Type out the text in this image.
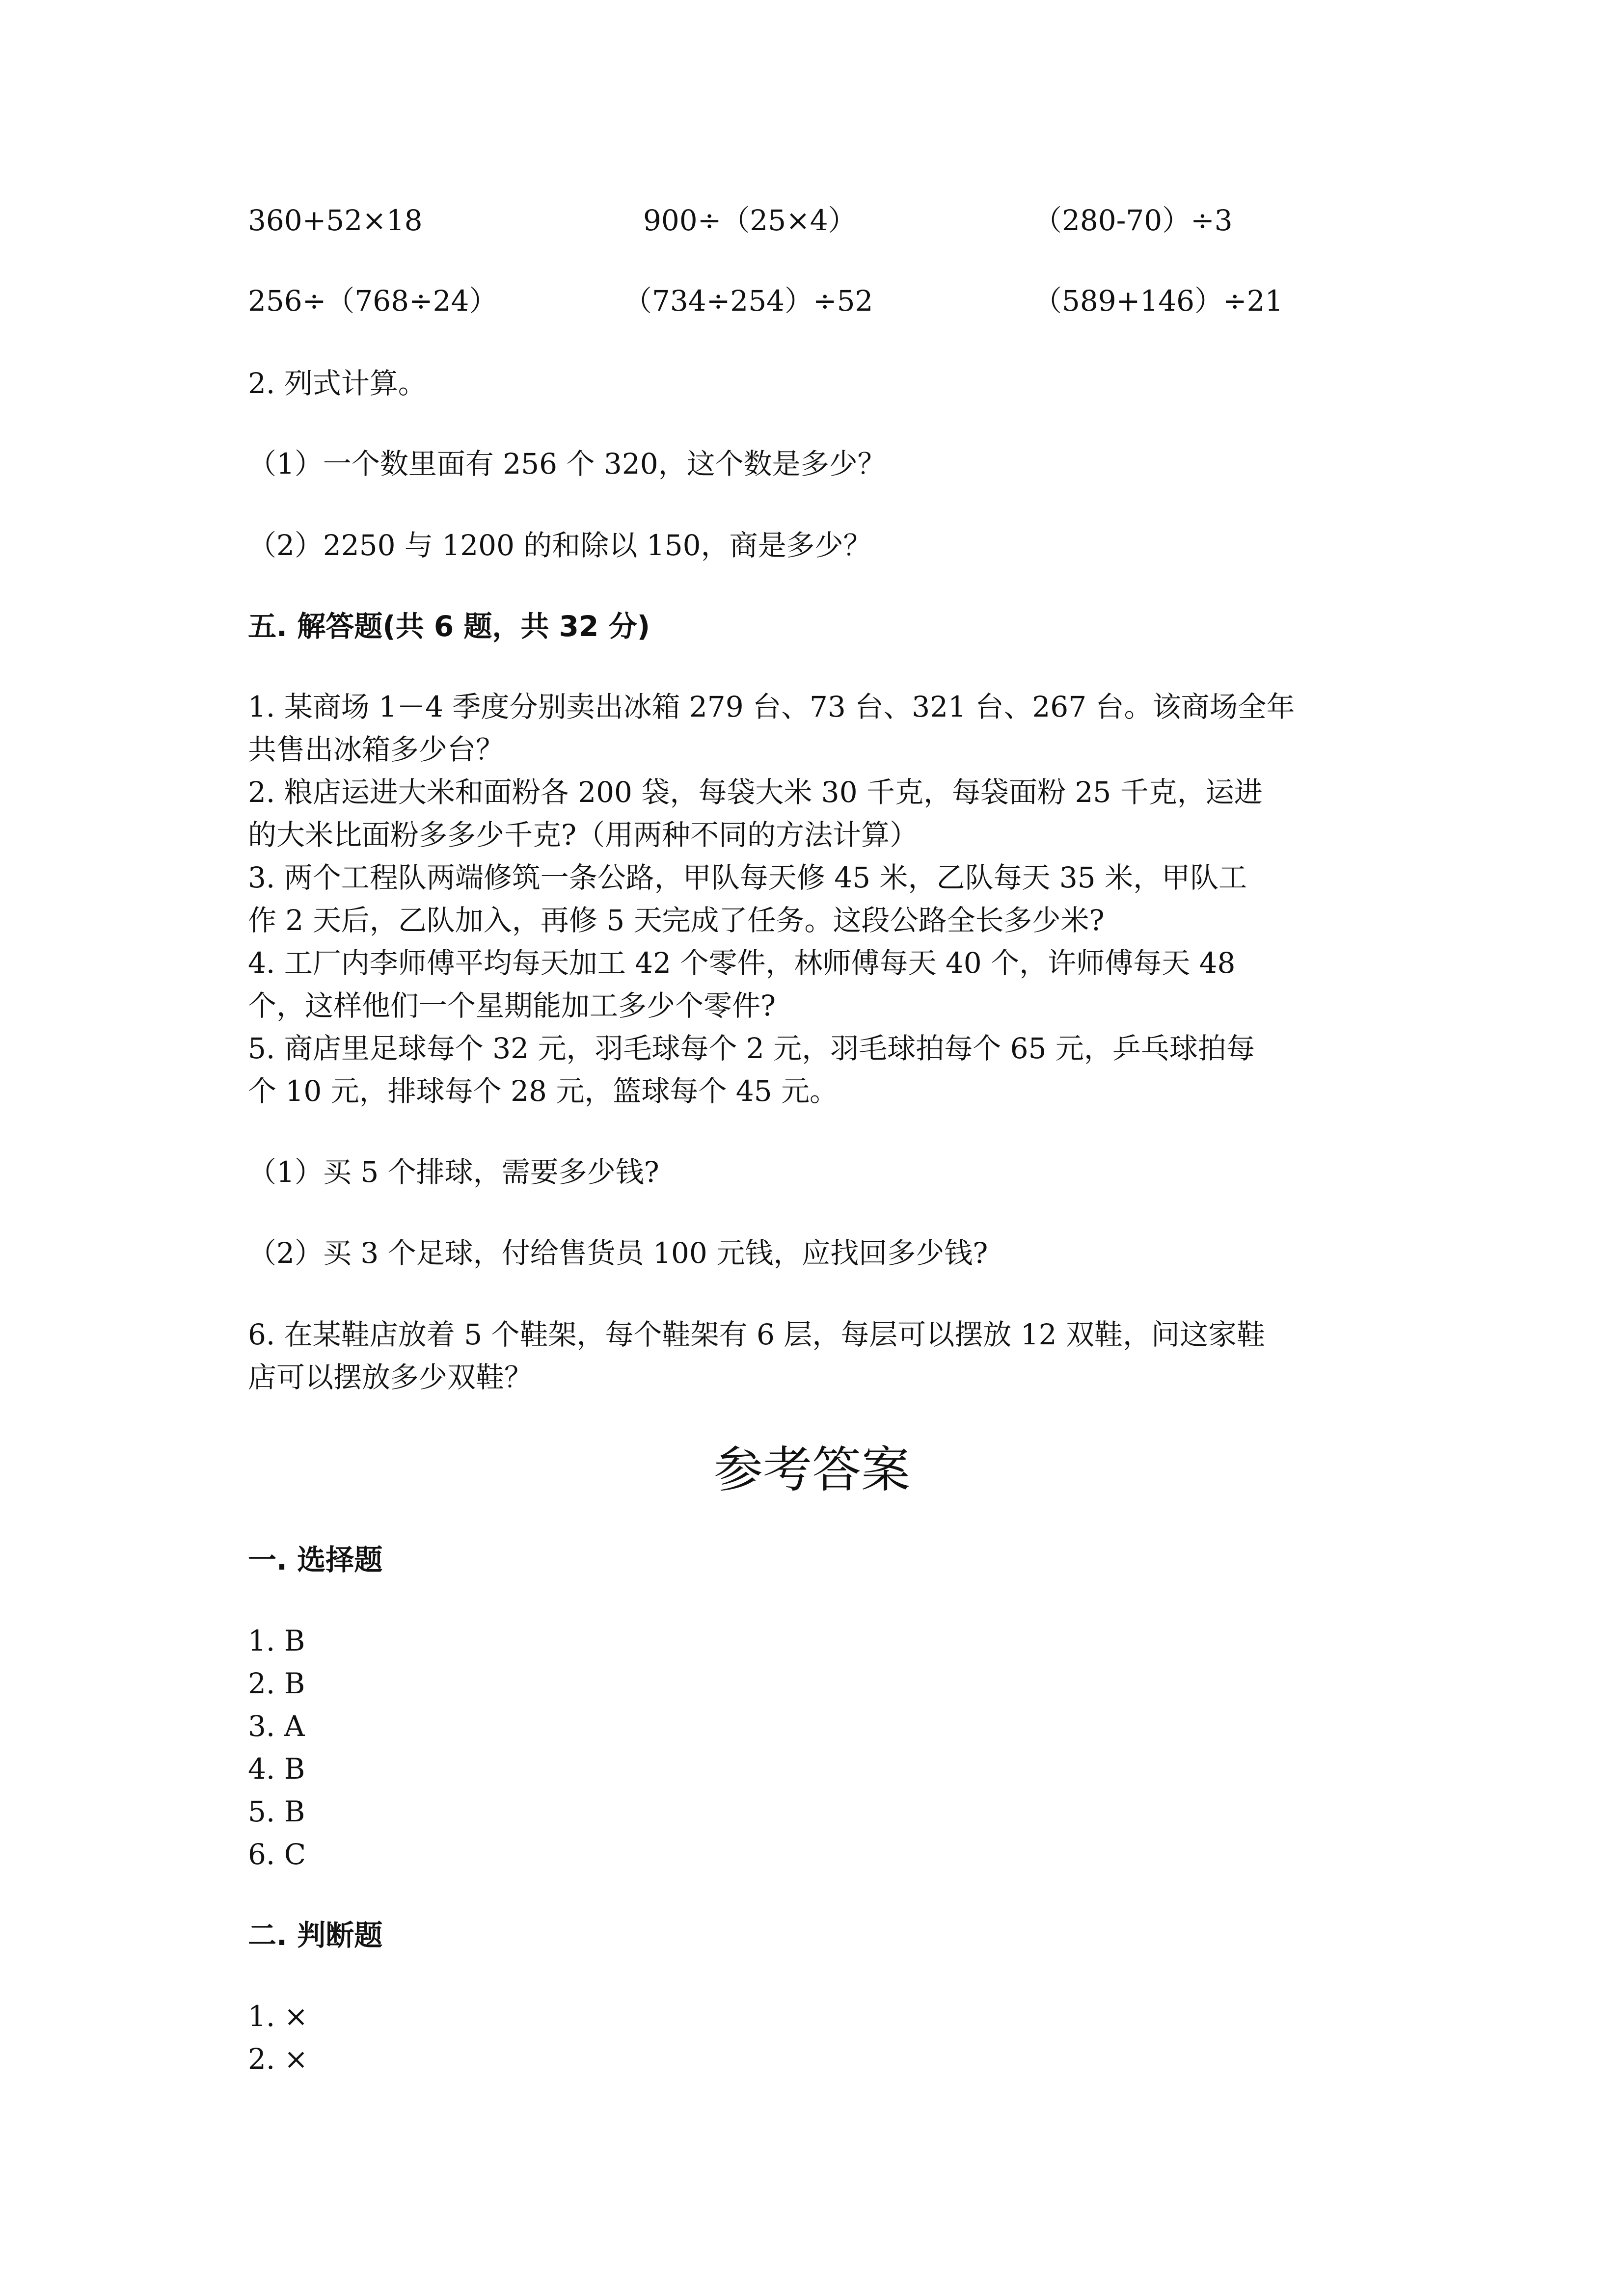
360+52×18	900÷（25×4）	（280-70）÷3
256÷（768÷24）	（734÷254）÷52	（589+146）÷21
2. 列式计算。
（1）一个数里面有 256 个 320，这个数是多少？
（2）2250 与 1200 的和除以 150，商是多少？
五. 解答题(共 6 题，共 32 分)
1. 某商场 1－4 季度分别卖出冰箱 279 台、73 台、321 台、267 台。该商场全年
共售出冰箱多少台？
2. 粮店运进大米和面粉各 200 袋，每袋大米 30 千克，每袋面粉 25 千克，运进
的大米比面粉多多少千克?（用两种不同的方法计算）
3. 两个工程队两端修筑一条公路，甲队每天修 45 米，乙队每天 35 米，甲队工
作 2 天后，乙队加入，再修 5 天完成了任务。这段公路全长多少米?
4. 工厂内李师傅平均每天加工 42 个零件，林师傅每天 40 个，许师傅每天 48
个，这样他们一个星期能加工多少个零件?
5. 商店里足球每个 32 元，羽毛球每个 2 元，羽毛球拍每个 65 元，乒乓球拍每
个 10 元，排球每个 28 元，篮球每个 45 元。
（1）买 5 个排球，需要多少钱?
（2）买 3 个足球，付给售货员 100 元钱，应找回多少钱?
6. 在某鞋店放着 5 个鞋架，每个鞋架有 6 层，每层可以摆放 12 双鞋，问这家鞋
店可以摆放多少双鞋？
参考答案
一. 选择题
1. B
2. B
3. A
4. B
5. B
6. C
二. 判断题
1. ×
2. ×
